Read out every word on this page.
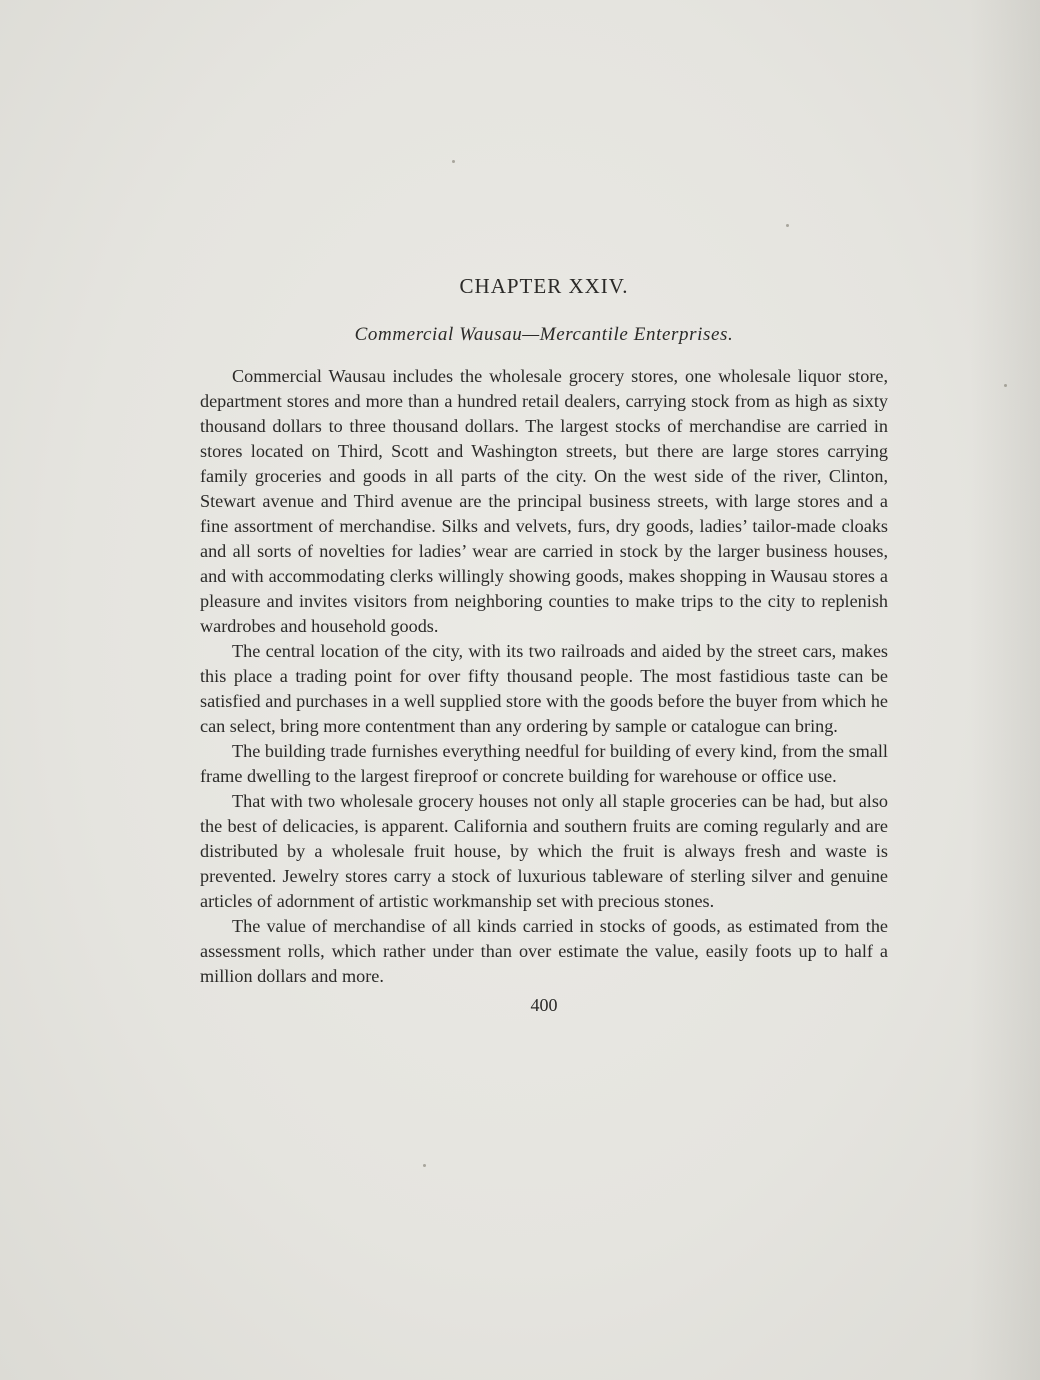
CHAPTER XXIV.
Commercial Wausau—Mercantile Enterprises.

Commercial Wausau includes the wholesale grocery stores, one wholesale liquor store, department stores and more than a hundred retail dealers, carrying stock from as high as sixty thousand dollars to three thousand dollars. The largest stocks of merchandise are carried in stores located on Third, Scott and Washington streets, but there are large stores carrying family groceries and goods in all parts of the city. On the west side of the river, Clinton, Stewart avenue and Third avenue are the principal business streets, with large stores and a fine assortment of merchandise. Silks and velvets, furs, dry goods, ladies’ tailor-made cloaks and all sorts of novelties for ladies’ wear are carried in stock by the larger business houses, and with accommodating clerks willingly showing goods, makes shopping in Wausau stores a pleasure and invites visitors from neighboring counties to make trips to the city to replenish wardrobes and household goods.

The central location of the city, with its two railroads and aided by the street cars, makes this place a trading point for over fifty thousand people. The most fastidious taste can be satisfied and purchases in a well supplied store with the goods before the buyer from which he can select, bring more contentment than any ordering by sample or catalogue can bring.

The building trade furnishes everything needful for building of every kind, from the small frame dwelling to the largest fireproof or concrete building for warehouse or office use.

That with two wholesale grocery houses not only all staple groceries can be had, but also the best of delicacies, is apparent. California and southern fruits are coming regularly and are distributed by a wholesale fruit house, by which the fruit is always fresh and waste is prevented. Jewelry stores carry a stock of luxurious tableware of sterling silver and genuine articles of adornment of artistic workmanship set with precious stones.

The value of merchandise of all kinds carried in stocks of goods, as estimated from the assessment rolls, which rather under than over estimate the value, easily foots up to half a million dollars and more.

400
